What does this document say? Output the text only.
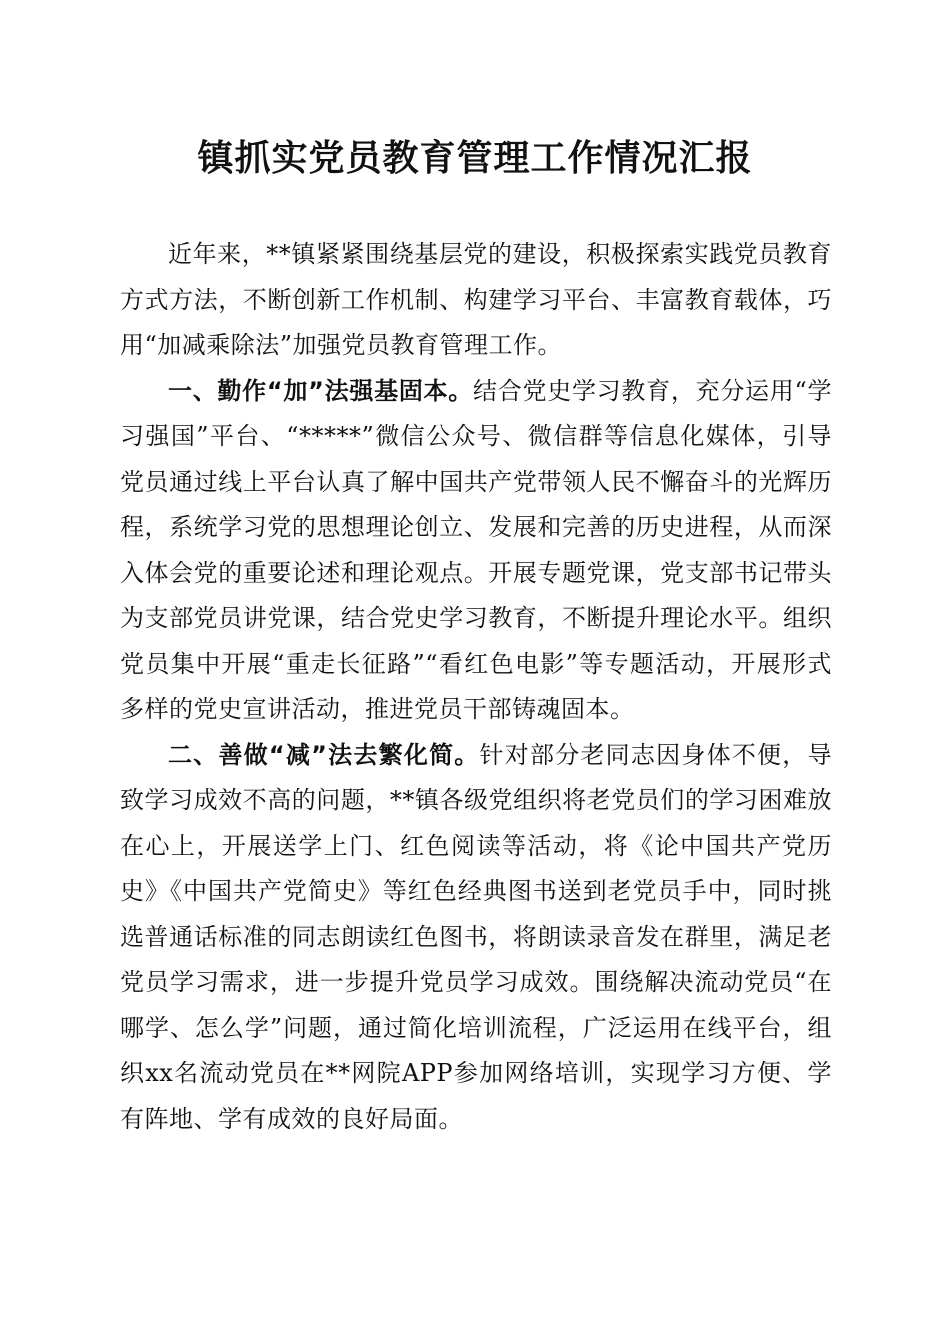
镇抓实党员教育管理工作情况汇报

近年来，**镇紧紧围绕基层党的建设，积极探索实践党员教育方式方法，不断创新工作机制、构建学习平台、丰富教育载体，巧用“加减乘除法”加强党员教育管理工作。

一、勤作“加”法强基固本。结合党史学习教育，充分运用“学习强国”平台、“*****”微信公众号、微信群等信息化媒体，引导党员通过线上平台认真了解中国共产党带领人民不懈奋斗的光辉历程，系统学习党的思想理论创立、发展和完善的历史进程，从而深入体会党的重要论述和理论观点。开展专题党课，党支部书记带头为支部党员讲党课，结合党史学习教育，不断提升理论水平。组织党员集中开展“重走长征路”“看红色电影”等专题活动，开展形式多样的党史宣讲活动，推进党员干部铸魂固本。

二、善做“减”法去繁化简。针对部分老同志因身体不便，导致学习成效不高的问题，**镇各级党组织将老党员们的学习困难放在心上，开展送学上门、红色阅读等活动，将《论中国共产党历史》《中国共产党简史》等红色经典图书送到老党员手中，同时挑选普通话标准的同志朗读红色图书，将朗读录音发在群里，满足老党员学习需求，进一步提升党员学习成效。围绕解决流动党员“在哪学、怎么学”问题，通过简化培训流程，广泛运用在线平台，组织xx名流动党员在**网院APP参加网络培训，实现学习方便、学有阵地、学有成效的良好局面。
